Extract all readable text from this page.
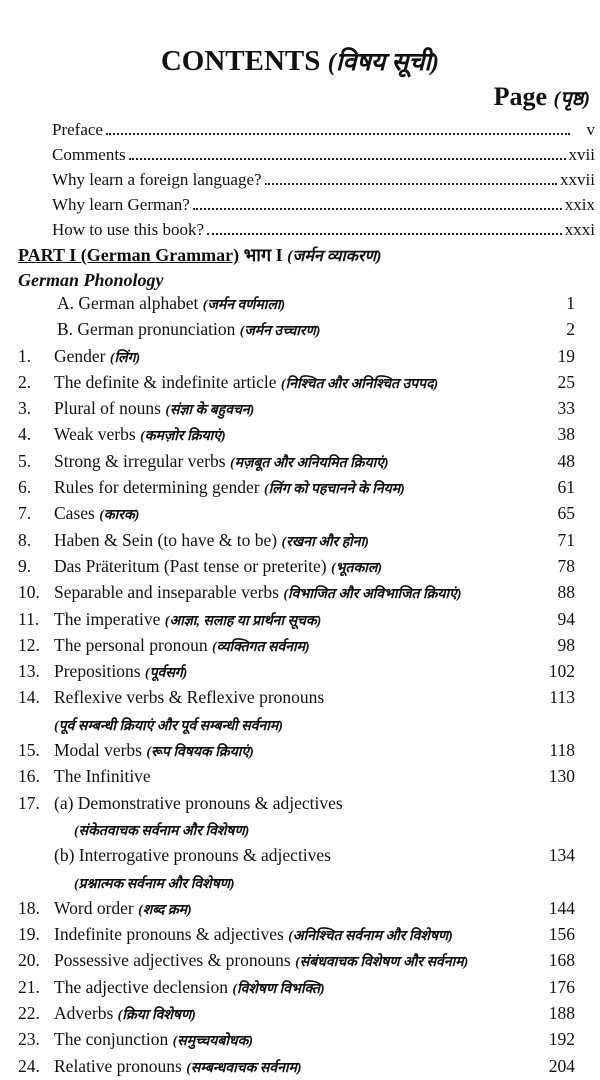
CONTENTS (विषय सूची)
Page (पृष्ठ)
Preface	v
Comments	xvii
Why learn a foreign language?	xxvii
Why learn German?	xxix
How to use this book?	xxxi
PART I (German Grammar) भाग I (जर्मन व्याकरण)
German Phonology
A. German alphabet (जर्मन वर्णमाला)	1
B. German pronunciation (जर्मन उच्चारण)	2
1. Gender (लिंग)	19
2. The definite & indefinite article (निश्चित और अनिश्चित उपपद)	25
3. Plural of nouns (संज्ञा के बहुवचन)	33
4. Weak verbs (कमज़ोर क्रियाएं)	38
5. Strong & irregular verbs (मज़बूत और अनियमित क्रियाएं)	48
6. Rules for determining gender (लिंग को पहचानने के नियम)	61
7. Cases (कारक)	65
8. Haben & Sein (to have & to be) (रखना और होना)	71
9. Das Präteritum (Past tense or preterite) (भूतकाल)	78
10. Separable and inseparable verbs (विभाजित और अविभाजित क्रियाएं)	88
11. The imperative (आज्ञा, सलाह या प्रार्थना सूचक)	94
12. The personal pronoun (व्यक्तिगत सर्वनाम)	98
13. Prepositions (पूर्वसर्ग)	102
14. Reflexive verbs & Reflexive pronouns	113
(पूर्व सम्बन्धी क्रियाएं और पूर्व सम्बन्धी सर्वनाम)
15. Modal verbs (रूप विषयक क्रियाएं)	118
16. The Infinitive	130
17. (a) Demonstrative pronouns & adjectives
(संकेतवाचक सर्वनाम और विशेषण)
(b) Interrogative pronouns & adjectives	134
(प्रश्नात्मक सर्वनाम और विशेषण)
18. Word order (शब्द क्रम)	144
19. Indefinite pronouns & adjectives (अनिश्चित सर्वनाम और विशेषण)	156
20. Possessive adjectives & pronouns (संबंधवाचक विशेषण और सर्वनाम)	168
21. The adjective declension (विशेषण विभक्ति)	176
22. Adverbs (क्रिया विशेषण)	188
23. The conjunction (समुच्चयबोधक)	192
24. Relative pronouns (सम्बन्धवाचक सर्वनाम)	204
